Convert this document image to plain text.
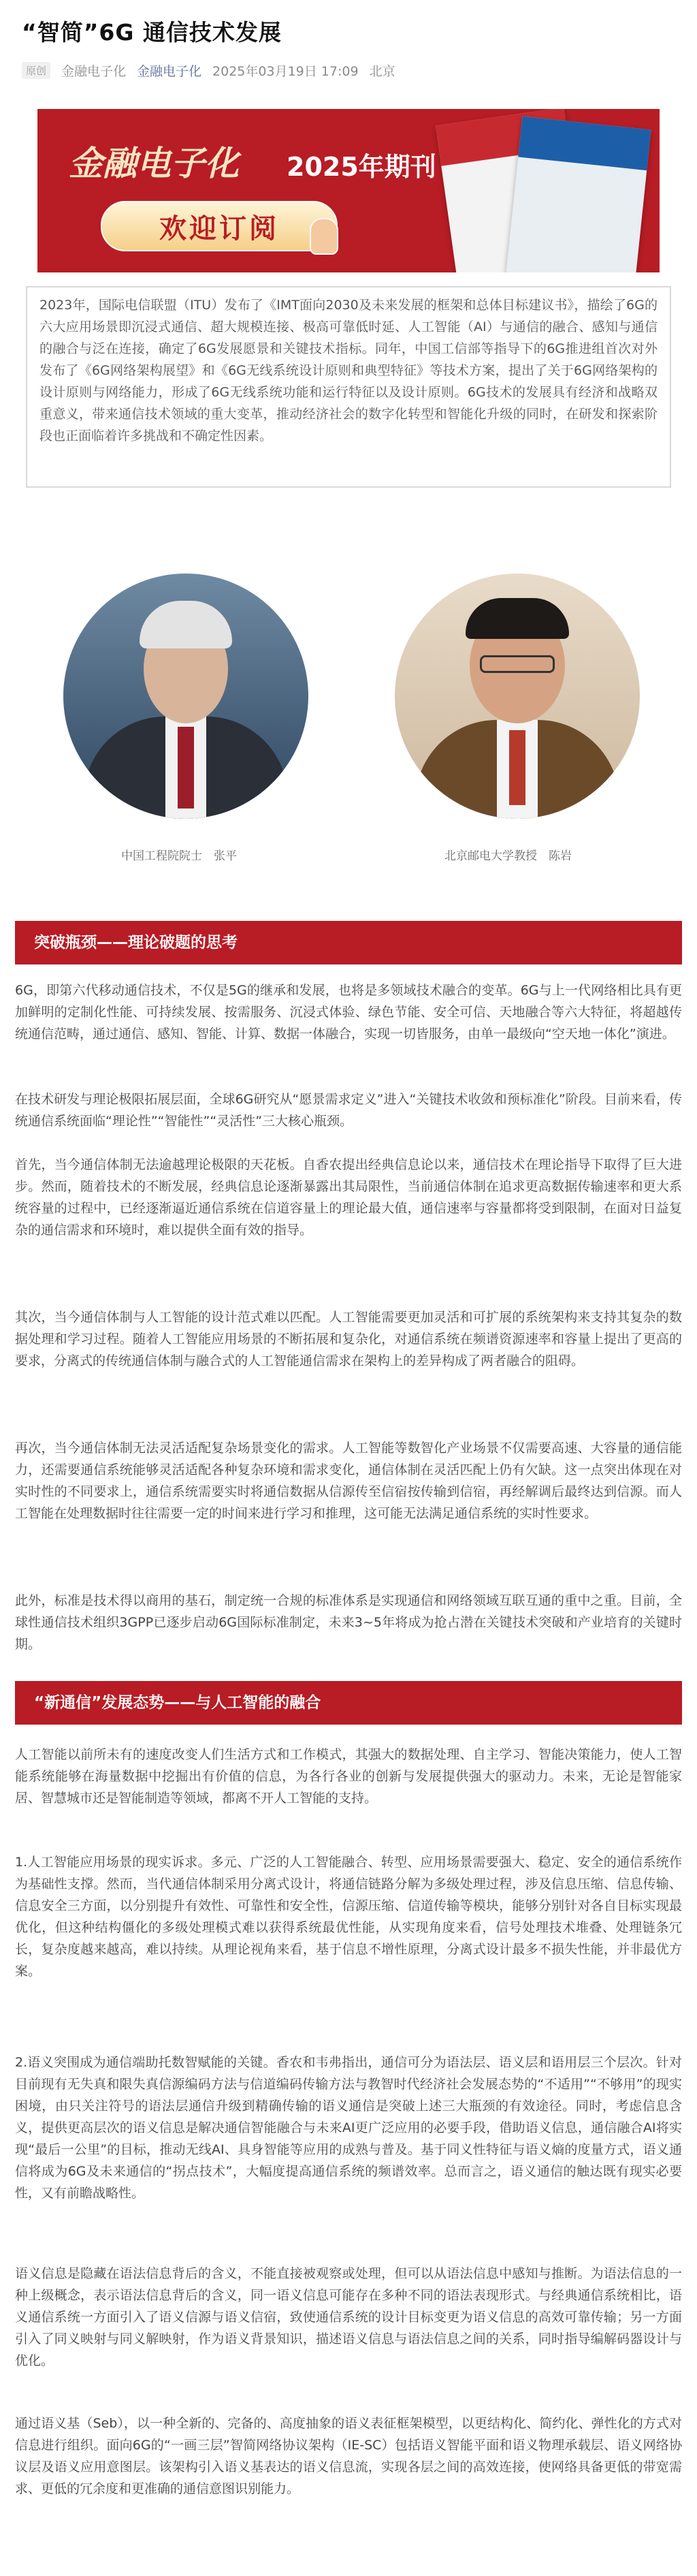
“智简”6G 通信技术发展
原创	金融电子化 金融电子化 2025年03月19日 17:09 北京
金融电子化 2025年期刊
欢迎订阅
2023年，国际电信联盟（ITU）发布了《IMT面向2030及未来发展的框架和总体目标建议书》，描绘了6G的六大应用场景即沉浸式通信、超大规模连接、极高可靠低时延、人工智能（AI）与通信的融合、感知与通信的融合与泛在连接，确定了6G发展愿景和关键技术指标。同年，中国工信部等指导下的6G推进组首次对外发布了《6G网络架构展望》和《6G无线系统设计原则和典型特征》等技术方案，提出了关于6G网络架构的设计原则与网络能力，形成了6G无线系统功能和运行特征以及设计原则。6G技术的发展具有经济和战略双重意义，带来通信技术领域的重大变革，推动经济社会的数字化转型和智能化升级的同时，在研发和探索阶段也正面临着许多挑战和不确定性因素。
中国工程院院士　张平	北京邮电大学教授　陈岩
突破瓶颈——理论破题的思考

6G，即第六代移动通信技术，不仅是5G的继承和发展，也将是多领域技术融合的变革。6G与上一代网络相比具有更加鲜明的定制化性能、可持续发展、按需服务、沉浸式体验、绿色节能、安全可信、天地融合等六大特征，将超越传统通信范畴，通过通信、感知、智能、计算、数据一体融合，实现一切皆服务，由单一最级向“空天地一体化”演进。

在技术研发与理论极限拓展层面，全球6G研究从“愿景需求定义”进入“关键技术收敛和预标准化”阶段。目前来看，传统通信系统面临“理论性”“智能性”“灵活性”三大核心瓶颈。

首先，当今通信体制无法逾越理论极限的天花板。自香农提出经典信息论以来，通信技术在理论指导下取得了巨大进步。然而，随着技术的不断发展，经典信息论逐渐暴露出其局限性，当前通信体制在追求更高数据传输速率和更大系统容量的过程中，已经逐渐逼近通信系统在信道容量上的理论最大值，通信速率与容量都将受到限制，在面对日益复杂的通信需求和环境时，难以提供全面有效的指导。

其次，当今通信体制与人工智能的设计范式难以匹配。人工智能需要更加灵活和可扩展的系统架构来支持其复杂的数据处理和学习过程。随着人工智能应用场景的不断拓展和复杂化，对通信系统在频谱资源速率和容量上提出了更高的要求，分离式的传统通信体制与融合式的人工智能通信需求在架构上的差异构成了两者融合的阻碍。

再次，当今通信体制无法灵活适配复杂场景变化的需求。人工智能等数智化产业场景不仅需要高速、大容量的通信能力，还需要通信系统能够灵活适配各种复杂环境和需求变化，通信体制在灵活匹配上仍有欠缺。这一点突出体现在对实时性的不同要求上，通信系统需要实时将通信数据从信源传至信宿按传输到信宿，再经解调后最终达到信源。而人工智能在处理数据时往往需要一定的时间来进行学习和推理，这可能无法满足通信系统的实时性要求。

此外，标准是技术得以商用的基石，制定统一合规的标准体系是实现通信和网络领域互联互通的重中之重。目前，全球性通信技术组织3GPP已逐步启动6G国际标准制定，未来3~5年将成为抢占潜在关键技术突破和产业培育的关键时期。

“新通信”发展态势——与人工智能的融合

人工智能以前所未有的速度改变人们生活方式和工作模式，其强大的数据处理、自主学习、智能决策能力，使人工智能系统能够在海量数据中挖掘出有价值的信息，为各行各业的创新与发展提供强大的驱动力。未来，无论是智能家居、智慧城市还是智能制造等领域，都离不开人工智能的支持。

1.人工智能应用场景的现实诉求。多元、广泛的人工智能融合、转型、应用场景需要强大、稳定、安全的通信系统作为基础性支撑。然而，当代通信体制采用分离式设计，将通信链路分解为多级处理过程，涉及信息压缩、信息传输、信息安全三方面，以分别提升有效性、可靠性和安全性，信源压缩、信道传输等模块，能够分别针对各自目标实现最优化，但这种结构僵化的多级处理模式难以获得系统最优性能，从实现角度来看，信号处理技术堆叠、处理链条冗长，复杂度越来越高，难以持续。从理论视角来看，基于信息不增性原理，分离式设计最多不损失性能，并非最优方案。

2.语义突围成为通信端助托数智赋能的关键。香农和韦弗指出，通信可分为语法层、语义层和语用层三个层次。针对目前现有无失真和限失真信源编码方法与信道编码传输方法与教智时代经济社会发展态势的“不适用”“不够用”的现实困境，由只关注符号的语法层通信升级到精确传输的语义通信是突破上述三大瓶颈的有效途径。同时，考虑信息含义，提供更高层次的语义信息是解决通信智能融合与未来AI更广泛应用的必要手段，借助语义信息，通信融合AI将实现“最后一公里”的目标，推动无线AI、具身智能等应用的成熟与普及。基于同义性特征与语义熵的度量方式，语义通信将成为6G及未来通信的“拐点技术”，大幅度提高通信系统的频谱效率。总而言之，语义通信的触达既有现实必要性，又有前瞻战略性。

语义信息是隐藏在语法信息背后的含义，不能直接被观察或处理，但可以从语法信息中感知与推断。为语法信息的一种上级概念，表示语法信息背后的含义，同一语义信息可能存在多种不同的语法表现形式。与经典通信系统相比，语义通信系统一方面引入了语义信源与语义信宿，致使通信系统的设计目标变更为语义信息的高效可靠传输；另一方面引入了同义映射与同义解映射，作为语义背景知识，描述语义信息与语法信息之间的关系，同时指导编解码器设计与优化。

通过语义基（Seb），以一种全新的、完备的、高度抽象的语义表征框架模型，以更结构化、简约化、弹性化的方式对信息进行组织。面向6G的“一画三层”智简网络协议架构（IE-SC）包括语义智能平面和语义物理承载层、语义网络协议层及语义应用意图层。该架构引入语义基表达的语义信息流，实现各层之间的高效连接，使网络具备更低的带宽需求、更低的冗余度和更准确的通信意图识别能力。
